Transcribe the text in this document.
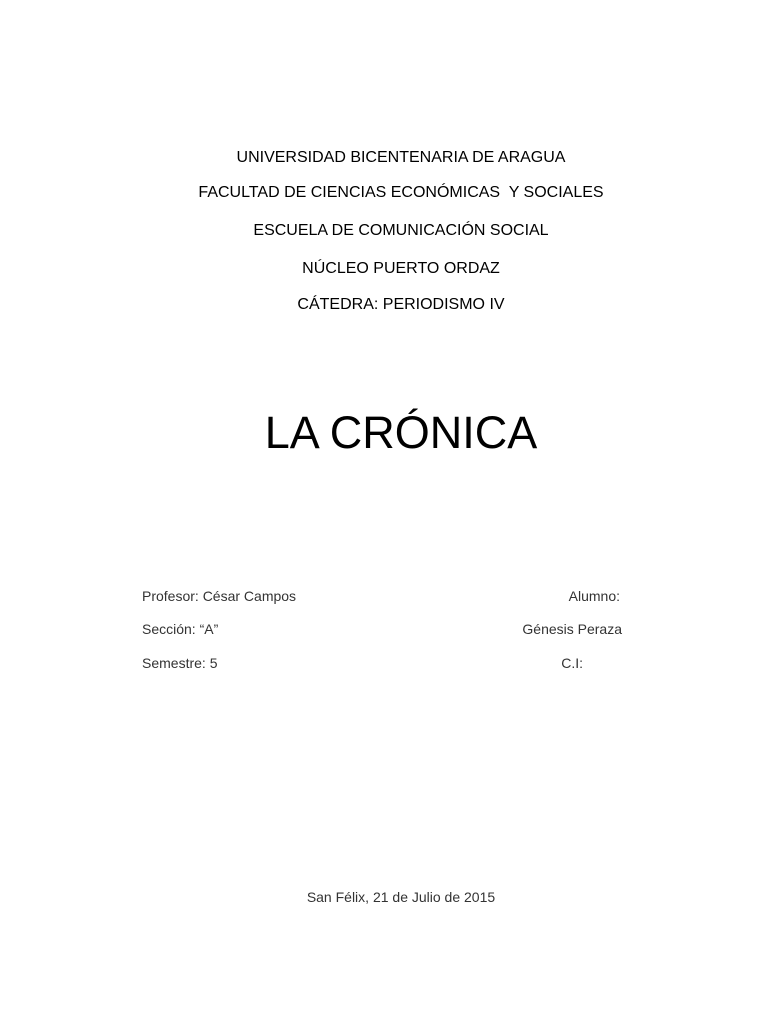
UNIVERSIDAD BICENTENARIA DE ARAGUA
FACULTAD DE CIENCIAS ECONÓMICAS  Y SOCIALES
ESCUELA DE COMUNICACIÓN SOCIAL
NÚCLEO PUERTO ORDAZ
CÁTEDRA: PERIODISMO IV
LA CRÓNICA
Profesor: César Campos
Sección: “A”
Semestre: 5
Alumno:
Génesis Peraza
C.I:
San Félix, 21 de Julio de 2015
